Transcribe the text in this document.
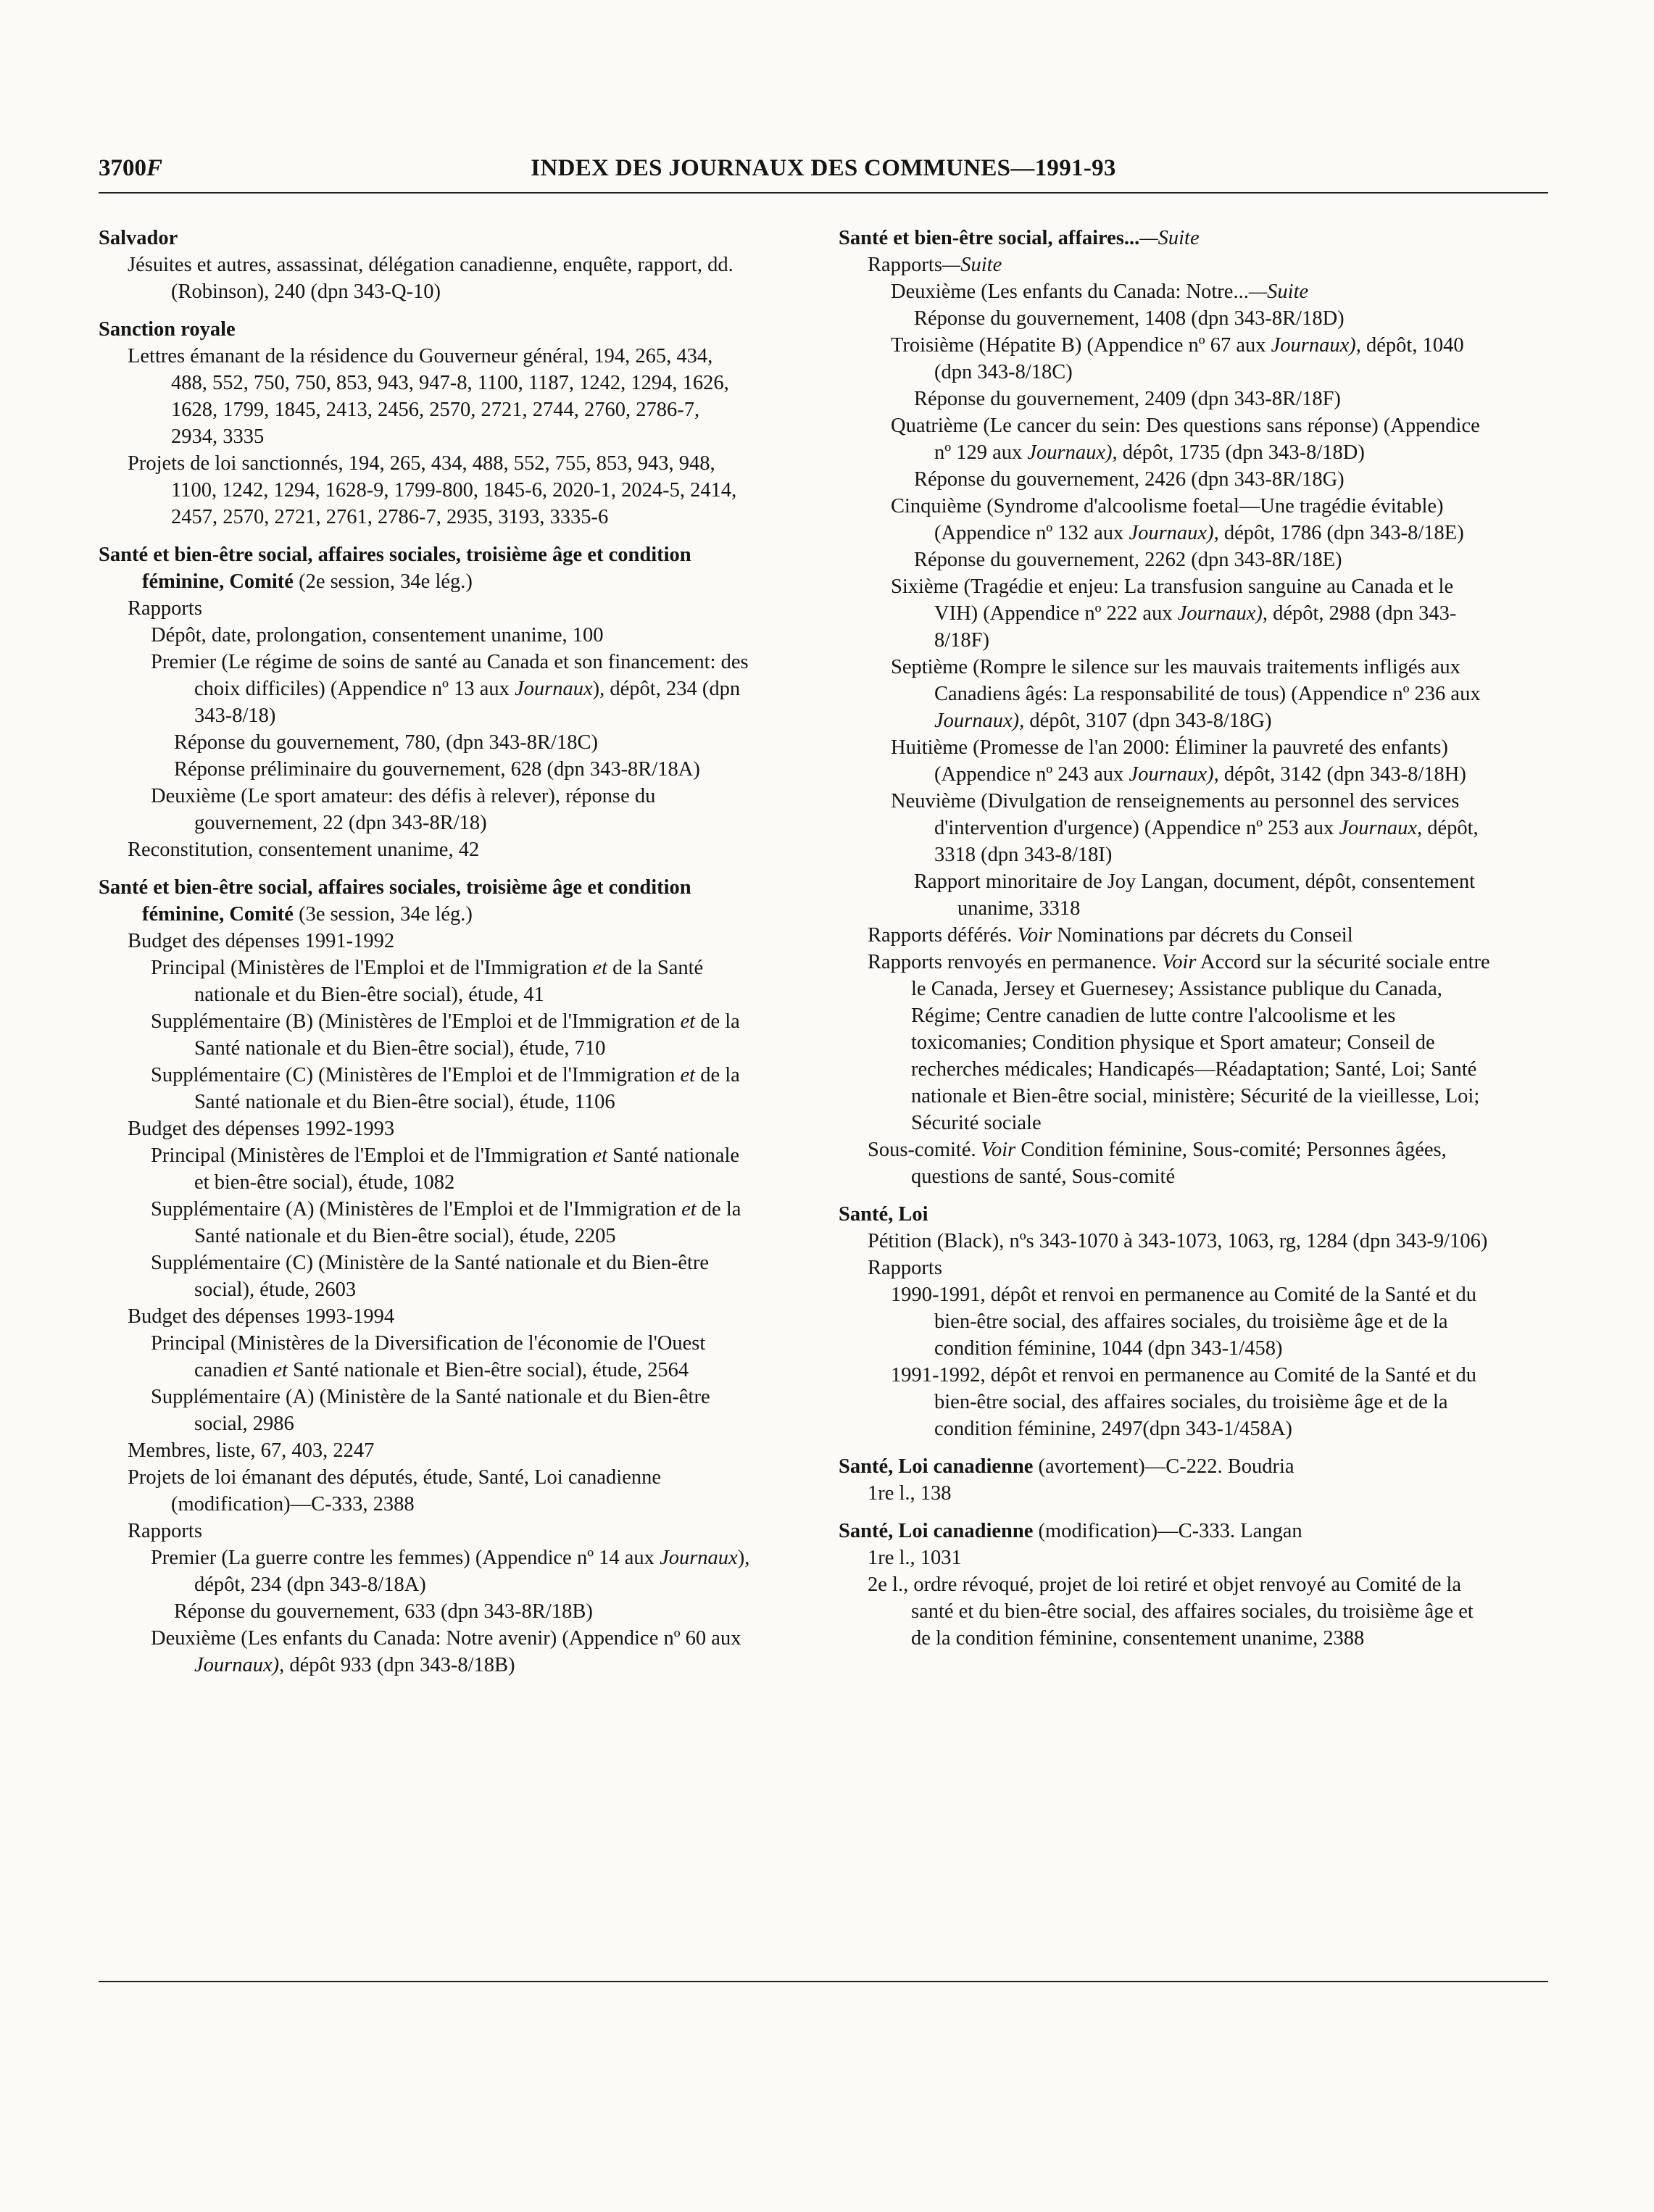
3700F	INDEX DES JOURNAUX DES COMMUNES—1991-93
Salvador
Jésuites et autres, assassinat, délégation canadienne, enquête, rapport, dd. (Robinson), 240 (dpn 343-Q-10)
Sanction royale
Lettres émanant de la résidence du Gouverneur général, 194, 265, 434, 488, 552, 750, 750, 853, 943, 947-8, 1100, 1187, 1242, 1294, 1626, 1628, 1799, 1845, 2413, 2456, 2570, 2721, 2744, 2760, 2786-7, 2934, 3335
Projets de loi sanctionnés, 194, 265, 434, 488, 552, 755, 853, 943, 948, 1100, 1242, 1294, 1628-9, 1799-800, 1845-6, 2020-1, 2024-5, 2414, 2457, 2570, 2721, 2761, 2786-7, 2935, 3193, 3335-6
Santé et bien-être social, affaires sociales, troisième âge et condition féminine, Comité (2e session, 34e lég.)
Rapports
Dépôt, date, prolongation, consentement unanime, 100
Premier (Le régime de soins de santé au Canada et son financement: des choix difficiles) (Appendice nº 13 aux Journaux), dépôt, 234 (dpn 343-8/18)
Réponse du gouvernement, 780, (dpn 343-8R/18C)
Réponse préliminaire du gouvernement, 628 (dpn 343-8R/18A)
Deuxième (Le sport amateur: des défis à relever), réponse du gouvernement, 22 (dpn 343-8R/18)
Reconstitution, consentement unanime, 42
Santé et bien-être social, affaires sociales, troisième âge et condition féminine, Comité (3e session, 34e lég.)
Budget des dépenses 1991-1992
Principal (Ministères de l'Emploi et de l'Immigration et de la Santé nationale et du Bien-être social), étude, 41
Supplémentaire (B) (Ministères de l'Emploi et de l'Immigration et de la Santé nationale et du Bien-être social), étude, 710
Supplémentaire (C) (Ministères de l'Emploi et de l'Immigration et de la Santé nationale et du Bien-être social), étude, 1106
Budget des dépenses 1992-1993
Principal (Ministères de l'Emploi et de l'Immigration et Santé nationale et bien-être social), étude, 1082
Supplémentaire (A) (Ministères de l'Emploi et de l'Immigration et de la Santé nationale et du Bien-être social), étude, 2205
Supplémentaire (C) (Ministère de la Santé nationale et du Bien-être social), étude, 2603
Budget des dépenses 1993-1994
Principal (Ministères de la Diversification de l'économie de l'Ouest canadien et Santé nationale et Bien-être social), étude, 2564
Supplémentaire (A) (Ministère de la Santé nationale et du Bien-être social, 2986
Membres, liste, 67, 403, 2247
Projets de loi émanant des députés, étude, Santé, Loi canadienne (modification)—C-333, 2388
Rapports
Premier (La guerre contre les femmes) (Appendice nº 14 aux Journaux), dépôt, 234 (dpn 343-8/18A)
Réponse du gouvernement, 633 (dpn 343-8R/18B)
Deuxième (Les enfants du Canada: Notre avenir) (Appendice nº 60 aux Journaux), dépôt 933 (dpn 343-8/18B)
Santé et bien-être social, affaires...—Suite
Rapports—Suite
Deuxième (Les enfants du Canada: Notre...—Suite
Réponse du gouvernement, 1408 (dpn 343-8R/18D)
Troisième (Hépatite B) (Appendice nº 67 aux Journaux), dépôt, 1040 (dpn 343-8/18C)
Réponse du gouvernement, 2409 (dpn 343-8R/18F)
Quatrième (Le cancer du sein: Des questions sans réponse) (Appendice nº 129 aux Journaux), dépôt, 1735 (dpn 343-8/18D)
Réponse du gouvernement, 2426 (dpn 343-8R/18G)
Cinquième (Syndrome d'alcoolisme foetal—Une tragédie évitable) (Appendice nº 132 aux Journaux), dépôt, 1786 (dpn 343-8/18E)
Réponse du gouvernement, 2262 (dpn 343-8R/18E)
Sixième (Tragédie et enjeu: La transfusion sanguine au Canada et le VIH) (Appendice nº 222 aux Journaux), dépôt, 2988 (dpn 343-8/18F)
Septième (Rompre le silence sur les mauvais traitements infligés aux Canadiens âgés: La responsabilité de tous) (Appendice nº 236 aux Journaux), dépôt, 3107 (dpn 343-8/18G)
Huitième (Promesse de l'an 2000: Éliminer la pauvreté des enfants) (Appendice nº 243 aux Journaux), dépôt, 3142 (dpn 343-8/18H)
Neuvième (Divulgation de renseignements au personnel des services d'intervention d'urgence) (Appendice nº 253 aux Journaux, dépôt, 3318 (dpn 343-8/18I)
Rapport minoritaire de Joy Langan, document, dépôt, consentement unanime, 3318
Rapports déférés. Voir Nominations par décrets du Conseil
Rapports renvoyés en permanence. Voir Accord sur la sécurité sociale entre le Canada, Jersey et Guernesey; Assistance publique du Canada, Régime; Centre canadien de lutte contre l'alcoolisme et les toxicomanies; Condition physique et Sport amateur; Conseil de recherches médicales; Handicapés—Réadaptation; Santé, Loi; Santé nationale et Bien-être social, ministère; Sécurité de la vieillesse, Loi; Sécurité sociale
Sous-comité. Voir Condition féminine, Sous-comité; Personnes âgées, questions de santé, Sous-comité
Santé, Loi
Pétition (Black), nºs 343-1070 à 343-1073, 1063, rg, 1284 (dpn 343-9/106)
Rapports
1990-1991, dépôt et renvoi en permanence au Comité de la Santé et du bien-être social, des affaires sociales, du troisième âge et de la condition féminine, 1044 (dpn 343-1/458)
1991-1992, dépôt et renvoi en permanence au Comité de la Santé et du bien-être social, des affaires sociales, du troisième âge et de la condition féminine, 2497(dpn 343-1/458A)
Santé, Loi canadienne (avortement)—C-222. Boudria
1re l., 138
Santé, Loi canadienne (modification)—C-333. Langan
1re l., 1031
2e l., ordre révoqué, projet de loi retiré et objet renvoyé au Comité de la santé et du bien-être social, des affaires sociales, du troisième âge et de la condition féminine, consentement unanime, 2388
